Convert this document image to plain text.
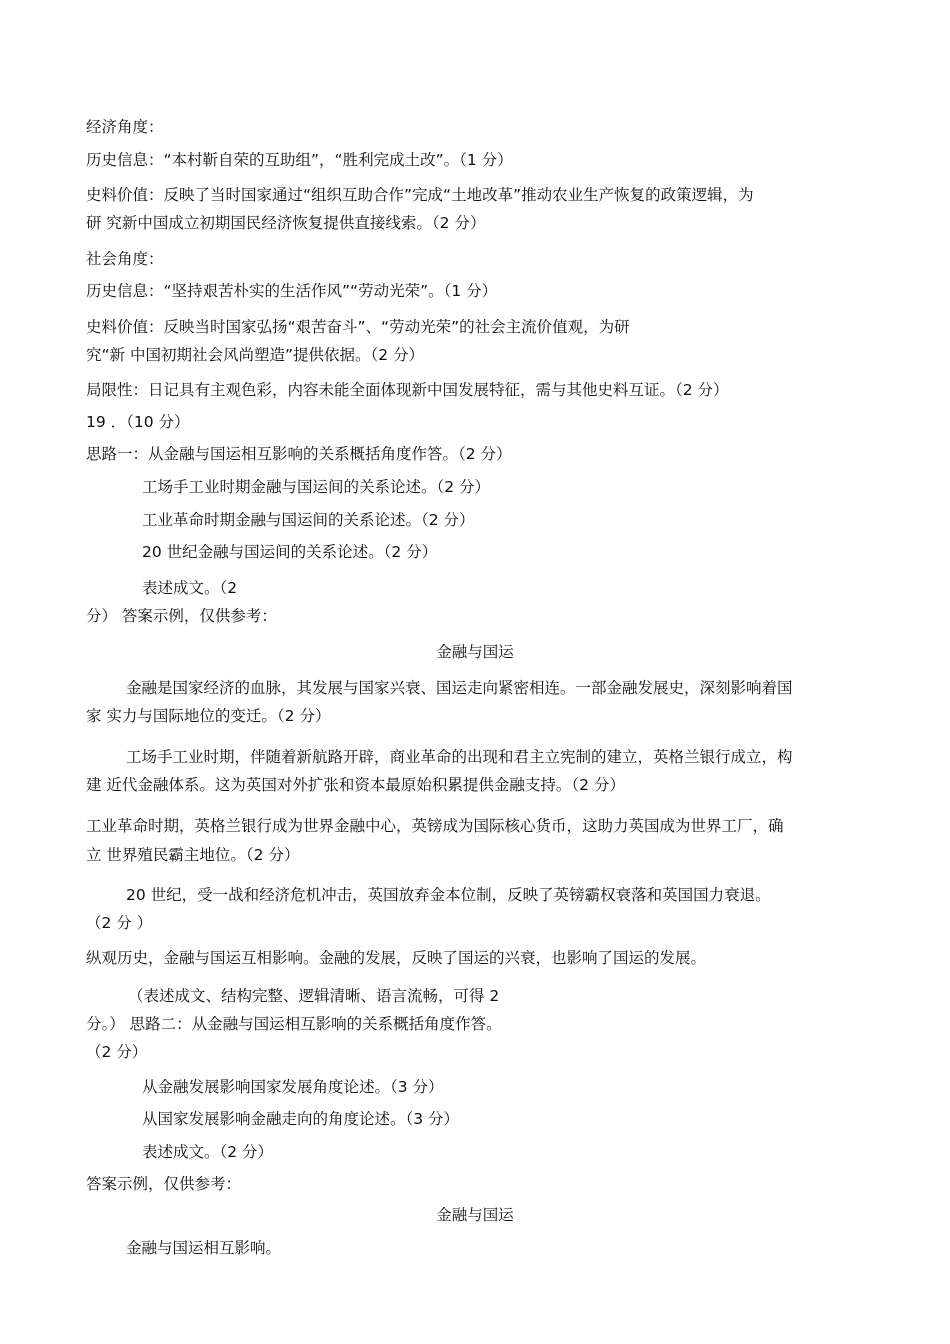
经济角度：

历史信息：“本村靳自荣的互助组”，“胜利完成土改”。（1 分）

史料价值：反映了当时国家通过“组织互助合作”完成“土地改革”推动农业生产恢复的政策逻辑，为

研 究新中国成立初期国民经济恢复提供直接线索。（2 分）

社会角度：

历史信息：“坚持艰苦朴实的生活作风”“劳动光荣”。（1 分）

史料价值：反映当时国家弘扬“艰苦奋斗”、“劳动光荣”的社会主流价值观，为研

究“新 中国初期社会风尚塑造”提供依据。（2 分）

局限性：日记具有主观色彩，内容未能全面体现新中国发展特征，需与其他史料互证。（2 分）

19 ．（10 分）

思路一：从金融与国运相互影响的关系概括角度作答。（2 分）

工场手工业时期金融与国运间的关系论述。（2 分）

工业革命时期金融与国运间的关系论述。（2 分）

20 世纪金融与国运间的关系论述。（2 分）

表述成文。（2

分） 答案示例，仅供参考：

金融与国运

金融是国家经济的血脉，其发展与国家兴衰、国运走向紧密相连。一部金融发展史，深刻影响着国

家 实力与国际地位的变迁。（2 分）

工场手工业时期，伴随着新航路开辟，商业革命的出现和君主立宪制的建立，英格兰银行成立，构

建 近代金融体系。这为英国对外扩张和资本最原始积累提供金融支持。（2 分）

工业革命时期，英格兰银行成为世界金融中心，英镑成为国际核心货币，这助力英国成为世界工厂，确

立 世界殖民霸主地位。（2 分）

20 世纪，受一战和经济危机冲击，英国放弃金本位制，反映了英镑霸权衰落和英国国力衰退。

（2 分 ）

纵观历史，金融与国运互相影响。金融的发展，反映了国运的兴衰，也影响了国运的发展。

（表述成文、结构完整、逻辑清晰、语言流畅，可得 2

分。） 思路二：从金融与国运相互影响的关系概括角度作答。

（2 分）

从金融发展影响国家发展角度论述。（3 分）

从国家发展影响金融走向的角度论述。（3 分）

表述成文。（2 分）

答案示例，仅供参考：

金融与国运

金融与国运相互影响。
